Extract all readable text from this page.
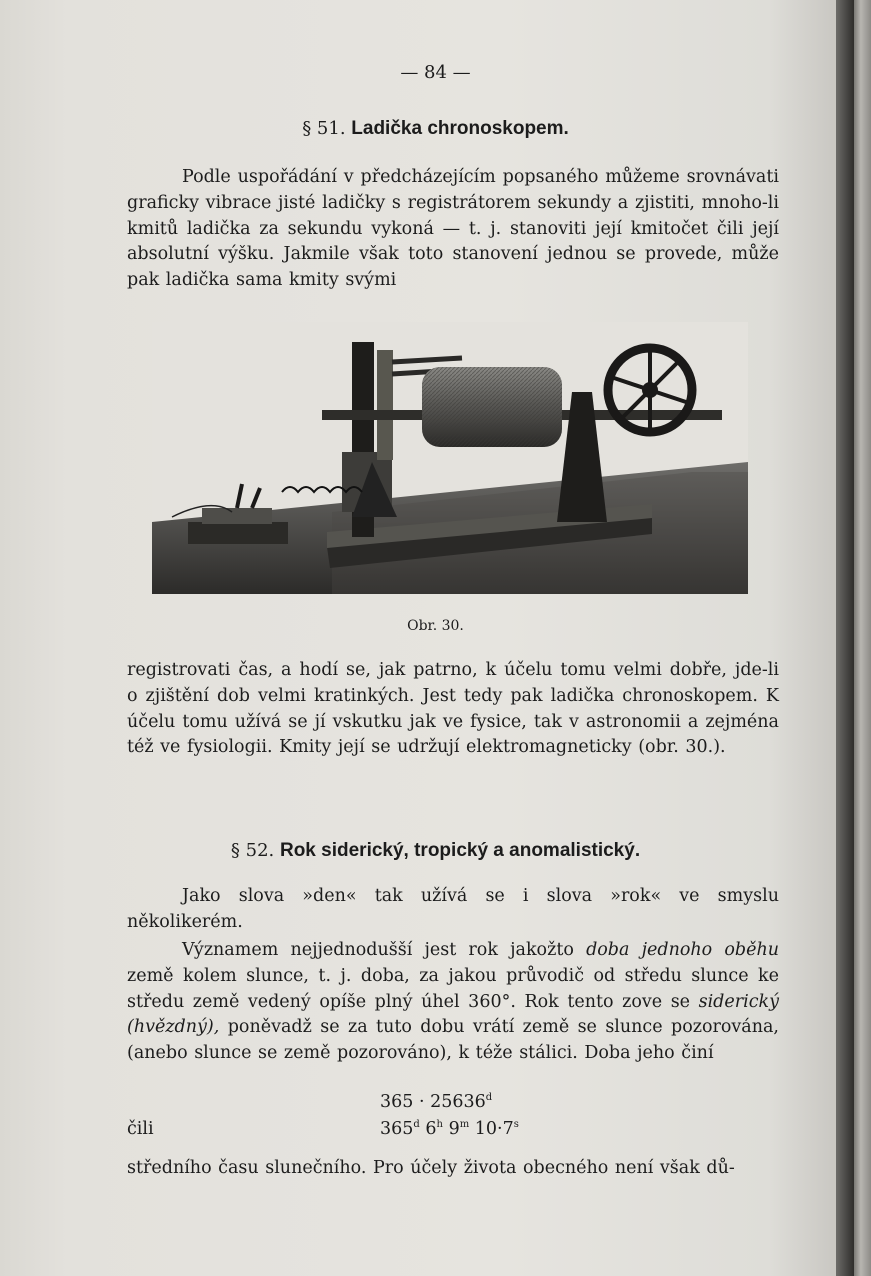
— 84 —
§ 51. Ladička chronoskopem.
Podle uspořádání v předcházejícím popsaného můžeme srovnávati graficky vibrace jisté ladičky s registrátorem sekundy a zjistiti, mnoho-li kmitů ladička za sekundu vykoná — t. j. stanoviti její kmitočet čili její absolutní výšku. Jakmile však toto stanovení jednou se provede, může pak ladička sama kmity svými
Obr. 30.
registrovati čas, a hodí se, jak patrno, k účelu tomu velmi dobře, jde-li o zjištění dob velmi kratinkých. Jest tedy pak ladička chronoskopem. K účelu tomu užívá se jí vskutku jak ve fysice, tak v astronomii a zejména též ve fysiologii. Kmity její se udržují elektromagneticky (obr. 30.).
§ 52. Rok siderický, tropický a anomalistický.
Jako slova »den« tak užívá se i slova »rok« ve smyslu několikerém.
Významem nejjednodušší jest rok jakožto doba jednoho oběhu země kolem slunce, t. j. doba, za jakou průvodič od středu slunce ke středu země vedený opíše plný úhel 360°. Rok tento zove se siderický (hvězdný), poněvadž se za tuto dobu vrátí země se slunce pozorována, (anebo slunce se země pozorováno), k téže stálici. Doba jeho činí
$365 \cdot 25636^d$
čili	365$^d$ 6$^h$ 9$^m$ $10\cdot 7^s$
středního času slunečního. Pro účely života obecného není však dů-
